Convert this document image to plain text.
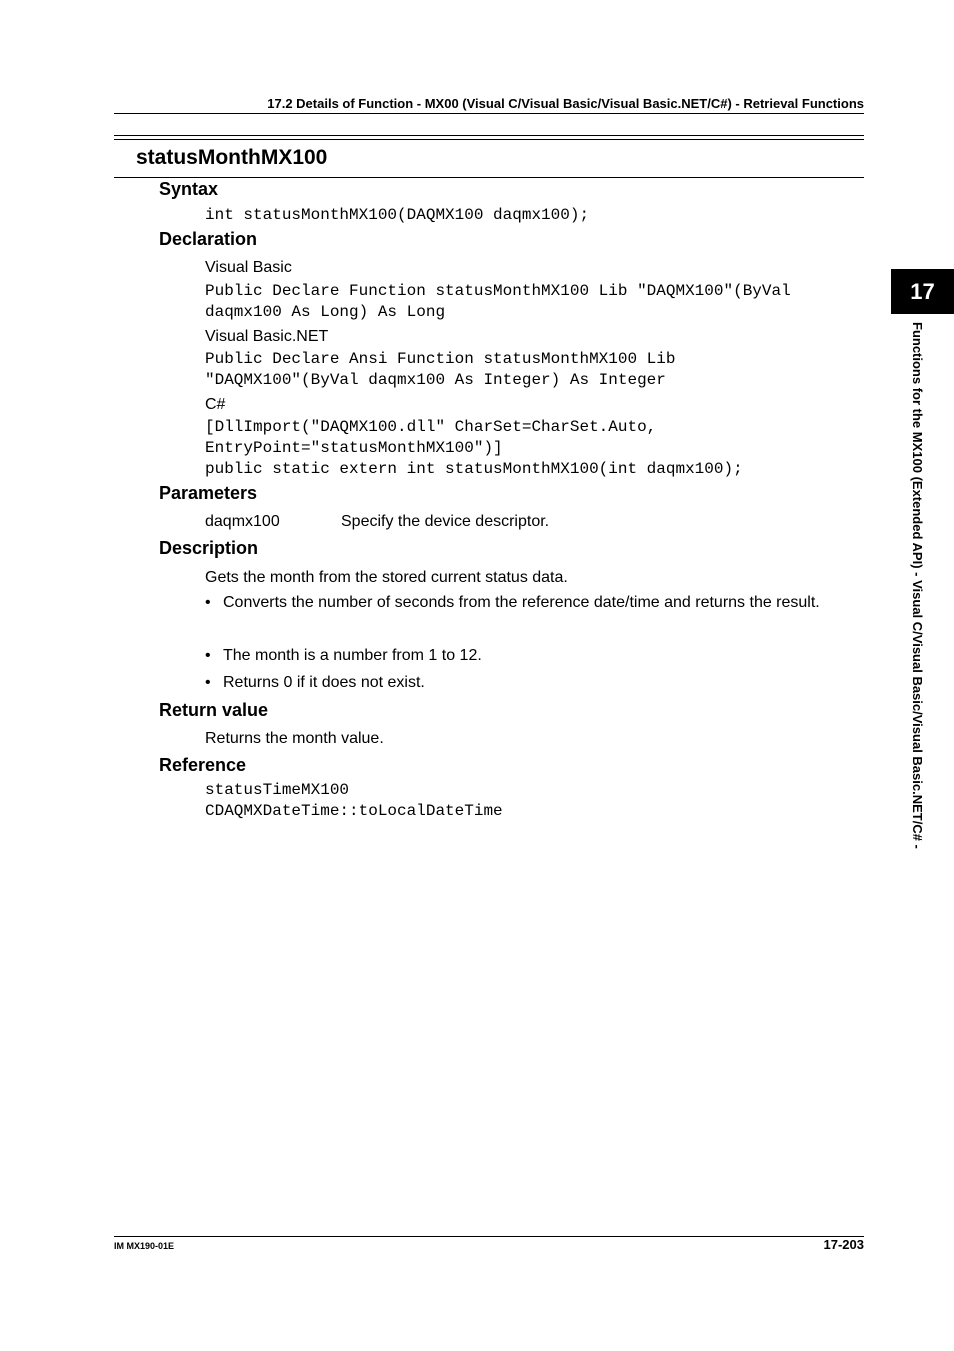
17.2 Details of Function - MX00 (Visual C/Visual Basic/Visual Basic.NET/C#) - Retrieval Functions
statusMonthMX100
Syntax
int statusMonthMX100(DAQMX100 daqmx100);
Declaration
Visual Basic
Public Declare Function statusMonthMX100 Lib "DAQMX100"(ByVal
daqmx100 As Long) As Long
Visual Basic.NET
Public Declare Ansi Function statusMonthMX100 Lib
"DAQMX100"(ByVal daqmx100 As Integer) As Integer
C#
[DllImport("DAQMX100.dll" CharSet=CharSet.Auto,
EntryPoint="statusMonthMX100")]
public static extern int statusMonthMX100(int daqmx100);
Parameters
daqmx100	Specify the device descriptor.
Description
Gets the month from the stored current status data.
• Converts the number of seconds from the reference date/time and returns the result.
• The month is a number from 1 to 12.
• Returns 0 if it does not exist.
Return value
Returns the month value.
Reference
statusTimeMX100
CDAQMXDateTime::toLocalDateTime
17
Functions for the MX100 (Extended API) - Visual C/Visual Basic/Visual Basic.NET/C# -
IM MX190-01E	17-203
